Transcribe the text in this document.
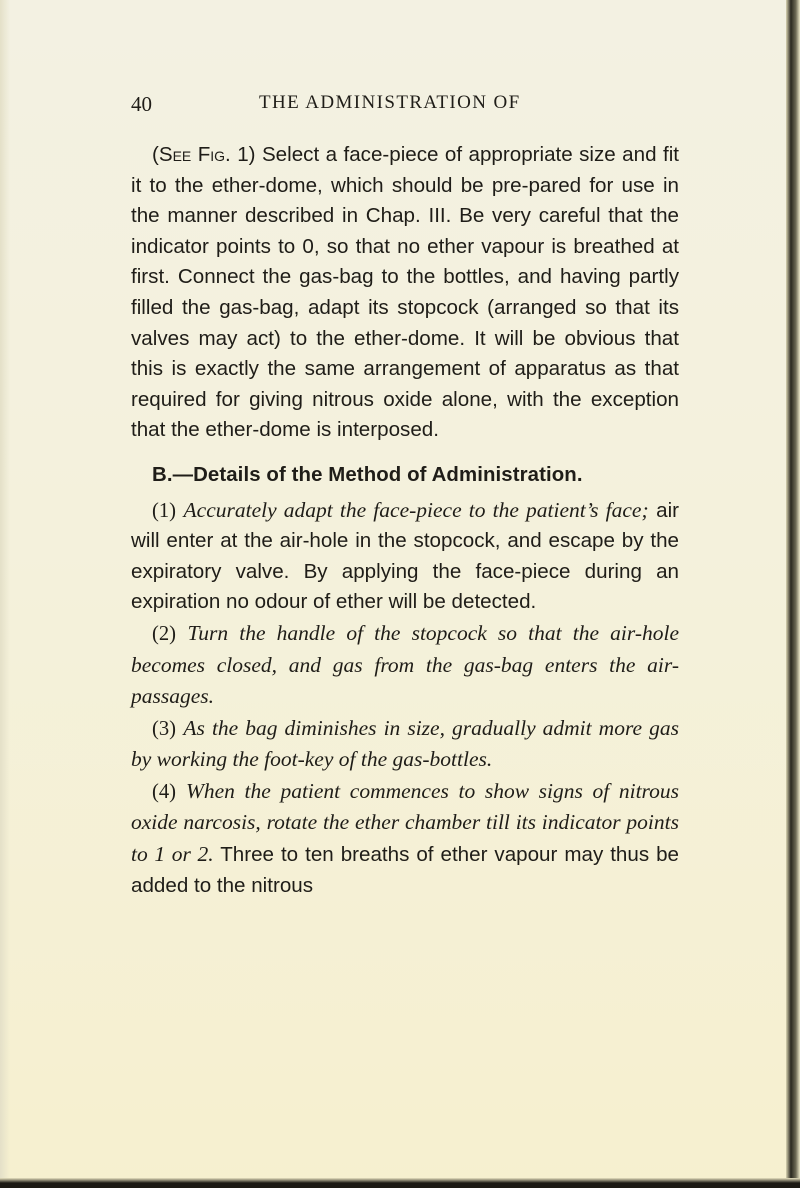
40	THE ADMINISTRATION OF

(See Fig. 1) Select a face-piece of appropriate size and fit it to the ether-dome, which should be pre-pared for use in the manner described in Chap. III. Be very careful that the indicator points to 0, so that no ether vapour is breathed at first. Connect the gas-bag to the bottles, and having partly filled the gas-bag, adapt its stopcock (arranged so that its valves may act) to the ether-dome. It will be obvious that this is exactly the same arrangement of apparatus as that required for giving nitrous oxide alone, with the exception that the ether-dome is interposed.

B.—Details of the Method of Administration.

(1) Accurately adapt the face-piece to the patient’s face; air will enter at the air-hole in the stopcock, and escape by the expiratory valve. By applying the face-piece during an expiration no odour of ether will be detected.

(2) Turn the handle of the stopcock so that the air-hole becomes closed, and gas from the gas-bag enters the air-passages.

(3) As the bag diminishes in size, gradually admit more gas by working the foot-key of the gas-bottles.

(4) When the patient commences to show signs of nitrous oxide narcosis, rotate the ether chamber till its indicator points to 1 or 2. Three to ten breaths of ether vapour may thus be added to the nitrous
